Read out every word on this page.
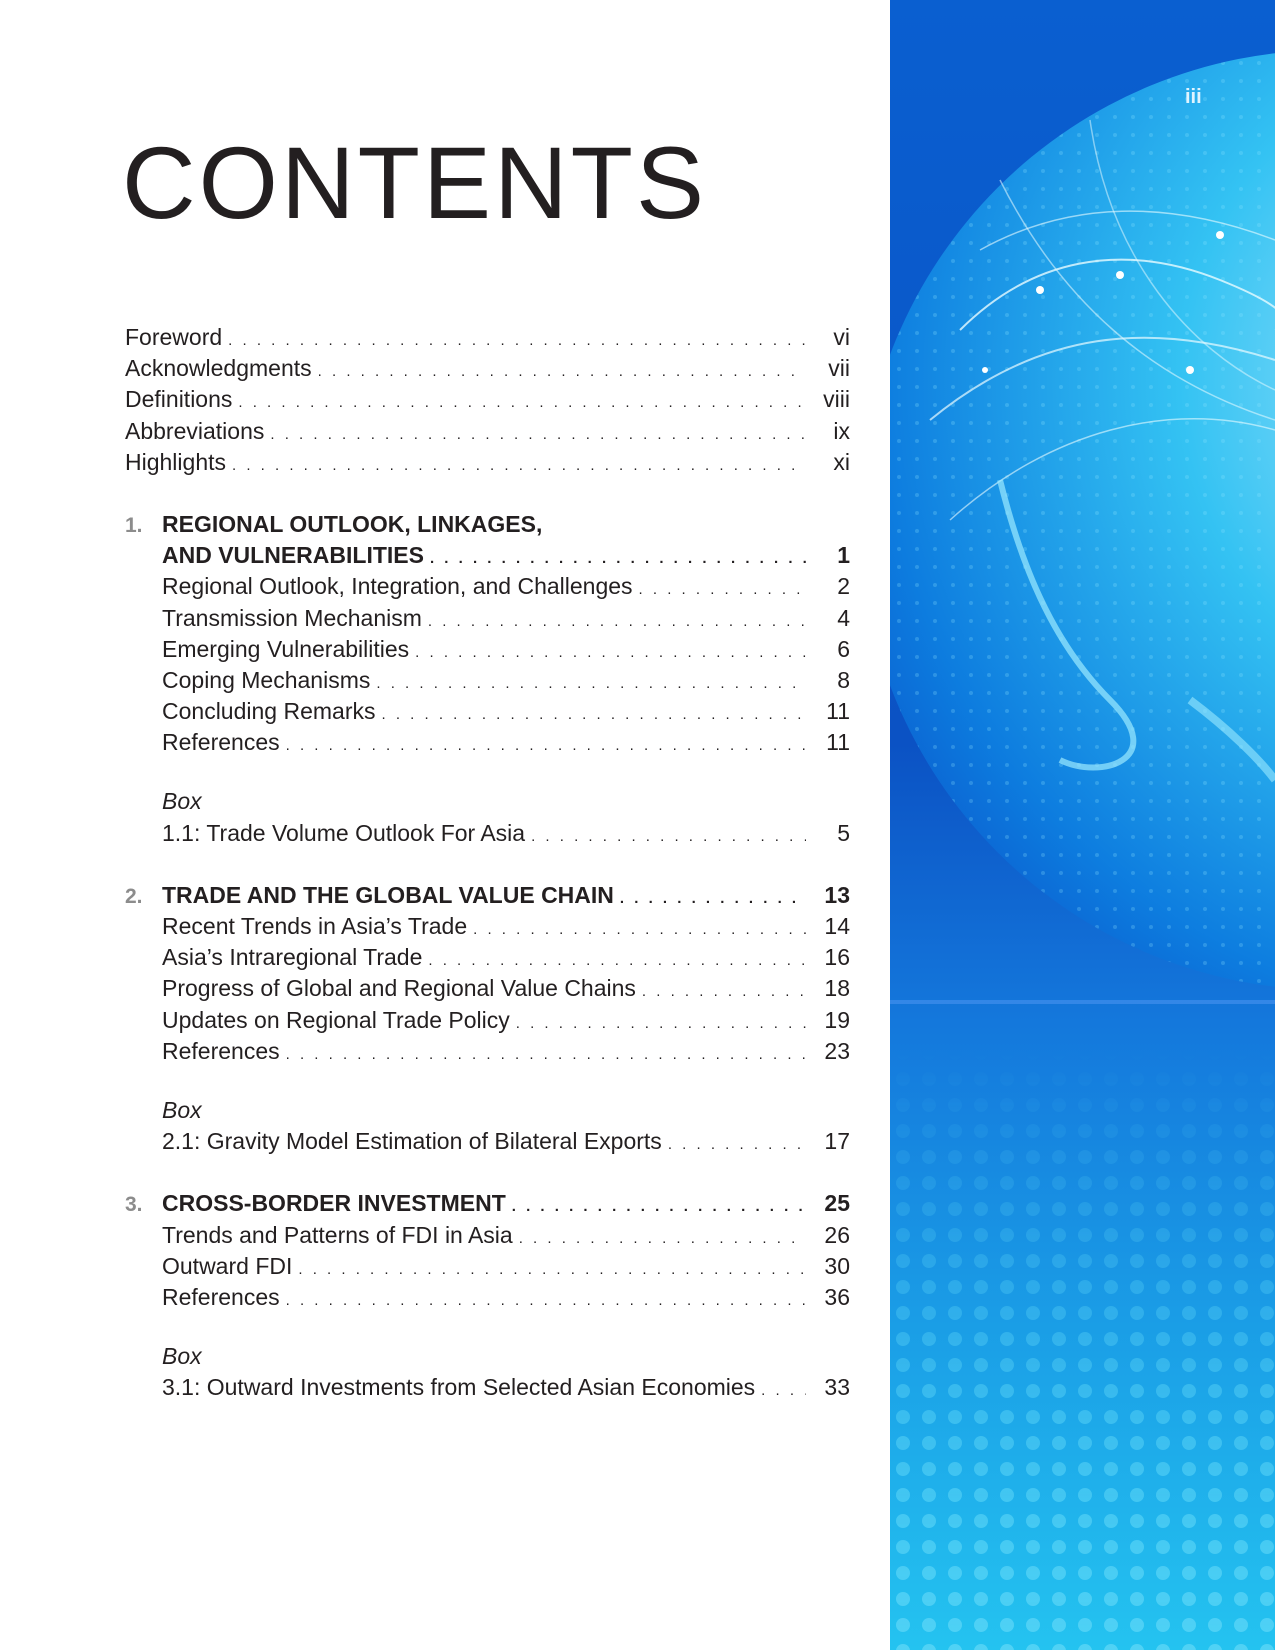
CONTENTS
Foreword . . .	vi
Acknowledgments . . .	vii
Definitions . . .	viii
Abbreviations . . .	ix
Highlights . . .	xi
1. REGIONAL OUTLOOK, LINKAGES,
AND VULNERABILITIES . . .	1
Regional Outlook, Integration, and Challenges . . .	2
Transmission Mechanism . . .	4
Emerging Vulnerabilities . . .	6
Coping Mechanisms . . .	8
Concluding Remarks . . .	11
References . . .	11
Box
1.1: Trade Volume Outlook For Asia . . .	5
2. TRADE AND THE GLOBAL VALUE CHAIN . . .	13
Recent Trends in Asia’s Trade . . .	14
Asia’s Intraregional Trade . . .	16
Progress of Global and Regional Value Chains . . .	18
Updates on Regional Trade Policy . . .	19
References . . .	23
Box
2.1: Gravity Model Estimation of Bilateral Exports . . .	17
3. CROSS-BORDER INVESTMENT . . .	25
Trends and Patterns of FDI in Asia . . .	26
Outward FDI . . .	30
References . . .	36
Box
3.1: Outward Investments from Selected Asian Economies . . .	33
iii
